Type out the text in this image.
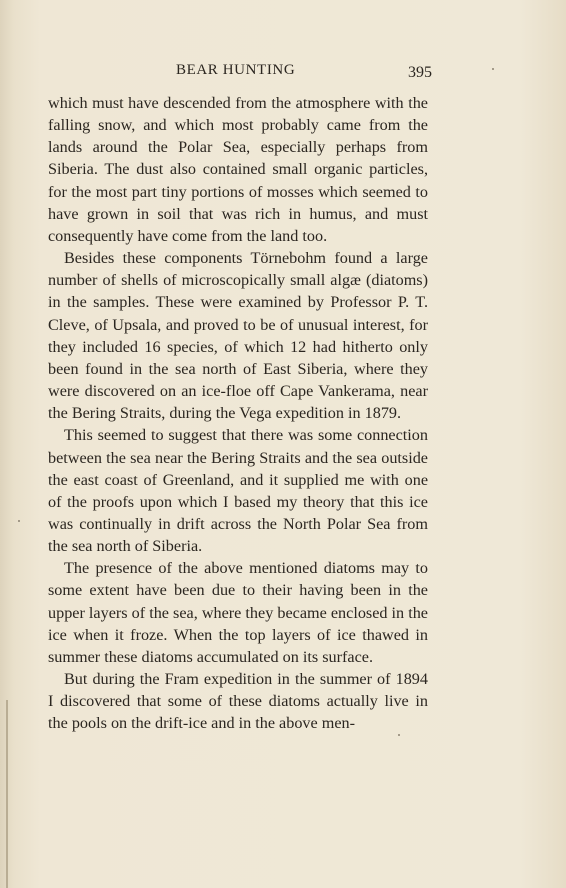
BEAR HUNTING	395

which must have descended from the atmosphere with the falling snow, and which most probably came from the lands around the Polar Sea, especially perhaps from Siberia. The dust also contained small organic particles, for the most part tiny portions of mosses which seemed to have grown in soil that was rich in humus, and must consequently have come from the land too.

Besides these components Törnebohm found a large number of shells of microscopically small algæ (diatoms) in the samples. These were examined by Professor P. T. Cleve, of Upsala, and proved to be of unusual interest, for they included 16 species, of which 12 had hitherto only been found in the sea north of East Siberia, where they were discovered on an ice-floe off Cape Vankerama, near the Bering Straits, during the Vega expedition in 1879.

This seemed to suggest that there was some connection between the sea near the Bering Straits and the sea outside the east coast of Greenland, and it supplied me with one of the proofs upon which I based my theory that this ice was continually in drift across the North Polar Sea from the sea north of Siberia.

The presence of the above mentioned diatoms may to some extent have been due to their having been in the upper layers of the sea, where they became enclosed in the ice when it froze. When the top layers of ice thawed in summer these diatoms accumulated on its surface.

But during the Fram expedition in the summer of 1894 I discovered that some of these diatoms actually live in the pools on the drift-ice and in the above men-
